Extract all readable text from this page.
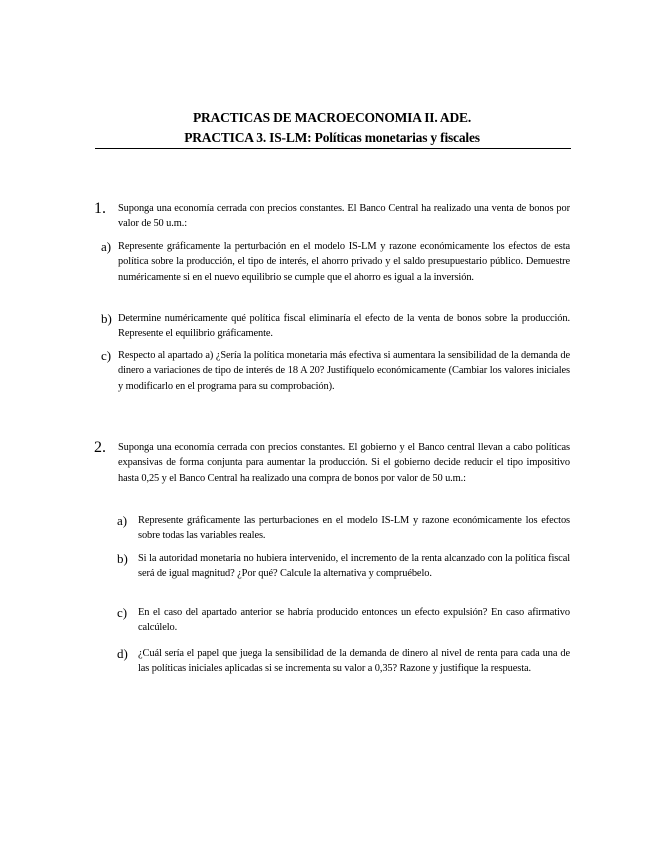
PRACTICAS DE MACROECONOMIA II. ADE.
PRACTICA 3. IS-LM: Políticas monetarias y fiscales
1. Suponga una economía cerrada con precios constantes. El Banco Central ha realizado una venta de bonos por valor de 50 u.m.:
a) Represente gráficamente la perturbación en el modelo IS-LM y razone económicamente los efectos de esta política sobre la producción, el tipo de interés, el ahorro privado y el saldo presupuestario público. Demuestre numéricamente si en el nuevo equilibrio se cumple que el ahorro es igual a la inversión.
b) Determine numéricamente qué política fiscal eliminaría el efecto de la venta de bonos sobre la producción. Represente el equilibrio gráficamente.
c) Respecto al apartado a) ¿Sería la política monetaria más efectiva si aumentara la sensibilidad de la demanda de dinero a variaciones de tipo de interés de 18 A 20? Justifíquelo económicamente (Cambiar los valores iniciales y modificarlo en el programa para su comprobación).
2. Suponga una economía cerrada con precios constantes. El gobierno y el Banco central llevan a cabo políticas expansivas de forma conjunta para aumentar la producción. Si el gobierno decide reducir el tipo impositivo hasta 0,25 y el Banco Central ha realizado una compra de bonos por valor de 50 u.m.:
a) Represente gráficamente las perturbaciones en el modelo IS-LM y razone económicamente los efectos sobre todas las variables reales.
b) Si la autoridad monetaria no hubiera intervenido, el incremento de la renta alcanzado con la política fiscal será de igual magnitud? ¿Por qué? Calcule la alternativa y compruébelo.
c) En el caso del apartado anterior se habría producido entonces un efecto expulsión? En caso afirmativo calcúlelo.
d) ¿Cuál sería el papel que juega la sensibilidad de la demanda de dinero al nivel de renta para cada una de las políticas iniciales aplicadas si se incrementa su valor a 0,35? Razone y justifique la respuesta.
